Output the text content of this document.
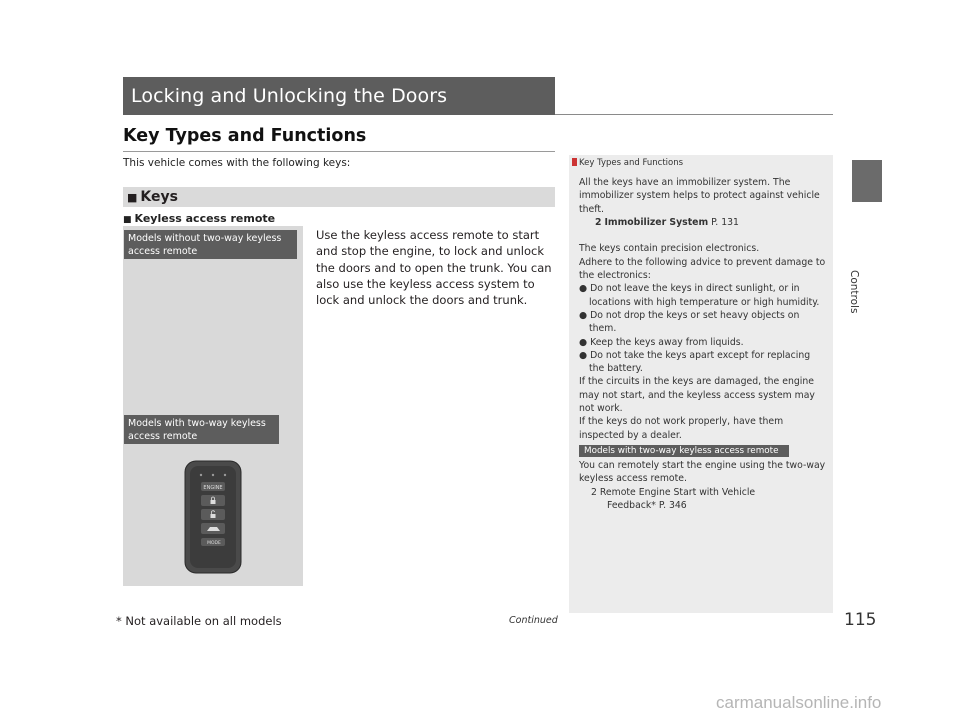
Locking and Unlocking the Doors
Key Types and Functions
This vehicle comes with the following keys:
■ Keys
■ Keyless access remote
Models without two-way keyless access remote
Models with two-way keyless access remote
ENGINE
MODE
Use the keyless access remote to start and stop the engine, to lock and unlock the doors and to open the trunk. You can also use the keyless access system to lock and unlock the doors and trunk.
Key Types and Functions

All the keys have an immobilizer system. The immobilizer system helps to protect against vehicle theft.

2 Immobilizer System P. 131

The keys contain precision electronics.

Adhere to the following advice to prevent damage to the electronics:

● Do not leave the keys in direct sunlight, or in locations with high temperature or high humidity.

● Do not drop the keys or set heavy objects on them.

● Keep the keys away from liquids.

● Do not take the keys apart except for replacing the battery.

If the circuits in the keys are damaged, the engine may not start, and the keyless access system may not work.

If the keys do not work properly, have them inspected by a dealer.

Models with two-way keyless access remote

You can remotely start the engine using the two-way keyless access remote.

2 Remote Engine Start with Vehicle

Feedback* P. 346

Controls
* Not available on all models	Continued	115
carmanualsonline.info
